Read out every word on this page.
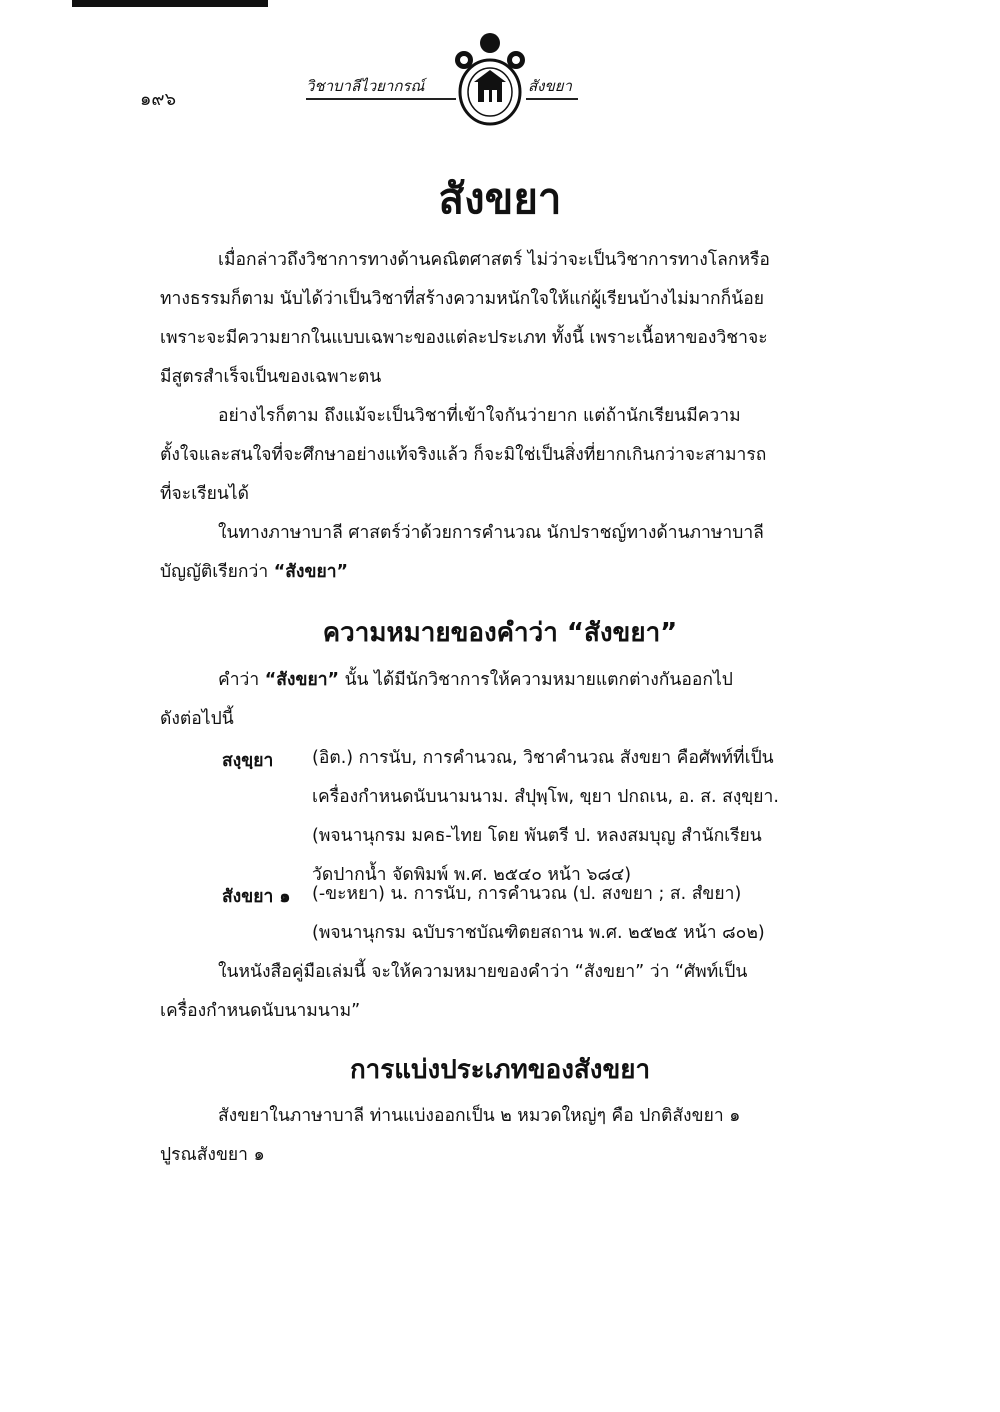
๑๙๖
วิชาบาลีไวยากรณ์	สังขยา
สังขยา
เมื่อกล่าวถึงวิชาการทางด้านคณิตศาสตร์ ไม่ว่าจะเป็นวิชาการทางโลกหรือ
ทางธรรมก็ตาม นับได้ว่าเป็นวิชาที่สร้างความหนักใจให้แก่ผู้เรียนบ้างไม่มากก็น้อย
เพราะจะมีความยากในแบบเฉพาะของแต่ละประเภท ทั้งนี้ เพราะเนื้อหาของวิชาจะ
มีสูตรสำเร็จเป็นของเฉพาะตน
อย่างไรก็ตาม ถึงแม้จะเป็นวิชาที่เข้าใจกันว่ายาก แต่ถ้านักเรียนมีความ
ตั้งใจและสนใจที่จะศึกษาอย่างแท้จริงแล้ว ก็จะมิใช่เป็นสิ่งที่ยากเกินกว่าจะสามารถ
ที่จะเรียนได้
ในทางภาษาบาลี ศาสตร์ว่าด้วยการคำนวณ นักปราชญ์ทางด้านภาษาบาลี
บัญญัติเรียกว่า “สังขยา”
ความหมายของคำว่า “สังขยา”
คำว่า “สังขยา” นั้น ได้มีนักวิชาการให้ความหมายแตกต่างกันออกไป
ดังต่อไปนี้
สงฺขฺยา (อิต.) การนับ, การคำนวณ, วิชาคำนวณ สังขยา คือศัพท์ที่เป็น
เครื่องกำหนดนับนามนาม. สํปุพฺโพ, ขฺยา ปกถเน, อ. ส. สงฺขฺยา.
(พจนานุกรม มคธ-ไทย โดย พันตรี ป. หลงสมบุญ สำนักเรียน
วัดปากน้ำ จัดพิมพ์ พ.ศ. ๒๕๔๐ หน้า ๖๘๔)
สังขยา ๑ (-ขะหยา) น. การนับ, การคำนวณ (ป. สงขยา ; ส. สํขยา)
(พจนานุกรม ฉบับราชบัณฑิตยสถาน พ.ศ. ๒๕๒๕ หน้า ๘๐๒)
ในหนังสือคู่มือเล่มนี้ จะให้ความหมายของคำว่า “สังขยา” ว่า “ศัพท์เป็น
เครื่องกำหนดนับนามนาม”
การแบ่งประเภทของสังขยา
สังขยาในภาษาบาลี ท่านแบ่งออกเป็น ๒ หมวดใหญ่ๆ คือ ปกติสังขยา ๑
ปูรณสังขยา ๑
